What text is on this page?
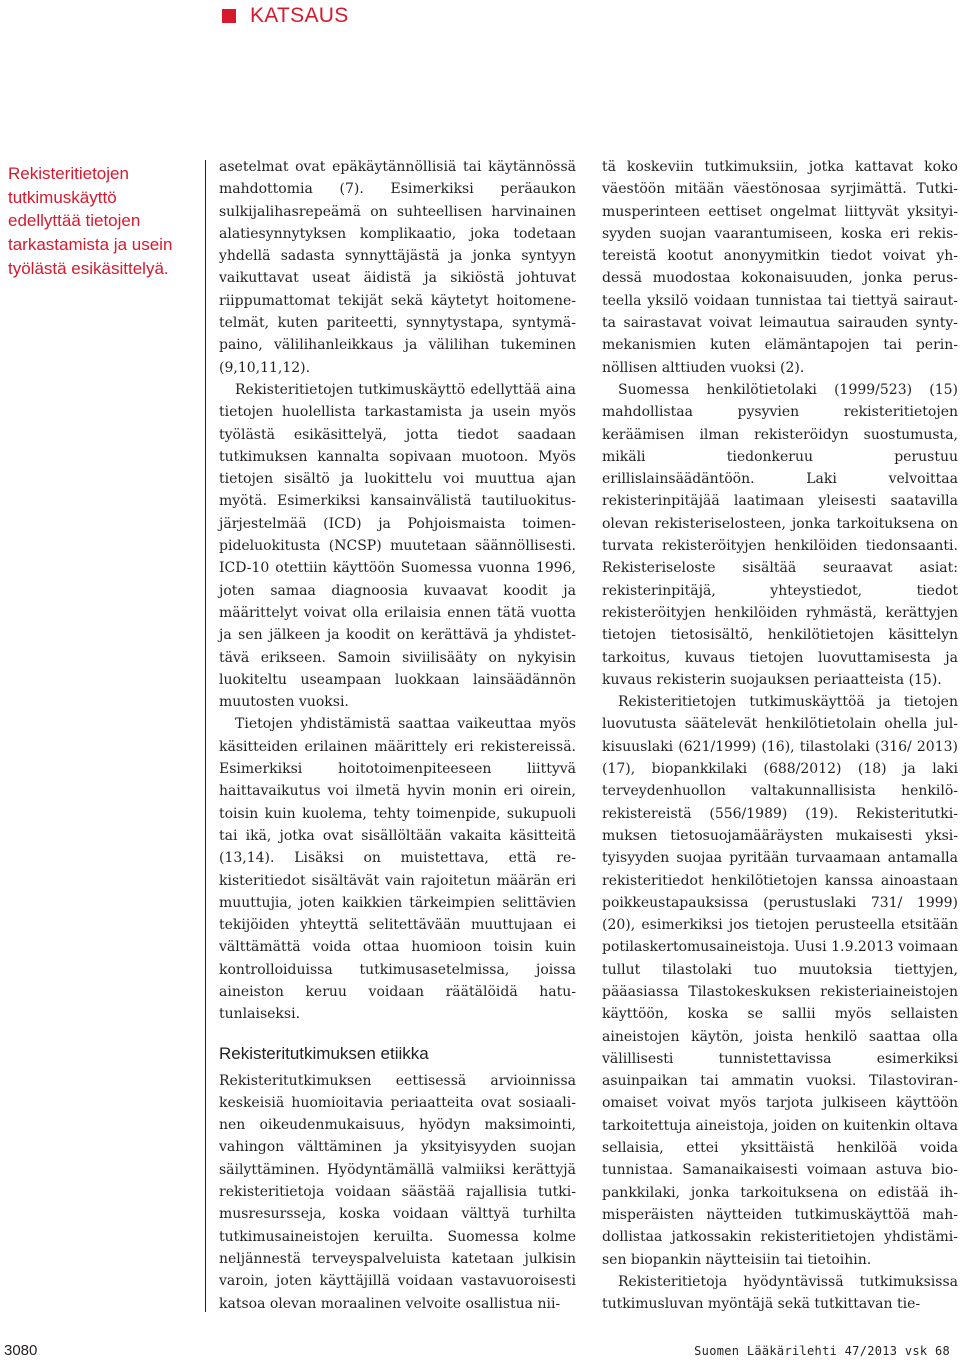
KATSAUS

Rekisteritietojen tutkimuskäyttö edellyttää tietojen tarkastamista ja usein työlästä esikäsittelyä.

asetelmat ovat epäkäytännöllisiä tai käytännössä mahdottomia (7). Esimerkiksi peräaukon sulkijalihasrepeämä on suhteellisen harvinainen alatiesynnytyksen komplikaatio, joka todetaan yhdellä sadasta synnyttäjästä ja jonka syntyyn vaikuttavat useat äidistä ja sikiöstä johtuvat riippumattomat tekijät sekä käytetyt hoitomenetelmät, kuten pariteetti, synnytystapa, syntymäpaino, välilihanleikkaus ja välilihan tukeminen (9,10,11,12).

Rekisteritietojen tutkimuskäyttö edellyttää aina tietojen huolellista tarkastamista ja usein myös työlästä esikäsittelyä, jotta tiedot saadaan tutkimuksen kannalta sopivaan muotoon. Myös tietojen sisältö ja luokittelu voi muuttua ajan myötä. Esimerkiksi kansainvälistä tautiluokitusjärjestelmää (ICD) ja Pohjoismaista toimenpideluokitusta (NCSP) muutetaan säännöllisesti. ICD-10 otettiin käyttöön Suomessa vuonna 1996, joten samaa diagnoosia kuvaavat koodit ja määrittelyt voivat olla erilaisia ennen tätä vuotta ja sen jälkeen ja koodit on kerättävä ja yhdistettävä erikseen. Samoin siviilisääty on nykyisin luokiteltu useampaan luokkaan lainsäädännön muutosten vuoksi.

Tietojen yhdistämistä saattaa vaikeuttaa myös käsitteiden erilainen määrittely eri rekistereissä. Esimerkiksi hoitotoimenpiteeseen liittyvä haittavaikutus voi ilmetä hyvin monin eri oirein, toisin kuin kuolema, tehty toimenpide, sukupuoli tai ikä, jotka ovat sisällöltään vakaita käsitteitä (13,14). Lisäksi on muistettava, että rekisteritiedot sisältävät vain rajoitetun määrän eri muuttujia, joten kaikkien tärkeimpien selittävien tekijöiden yhteyttä selitettävään muuttujaan ei välttämättä voida ottaa huomioon toisin kuin kontrolloiduissa tutkimusasetelmissa, joissa aineiston keruu voidaan räätälöidä hatutunlaiseksi.

Rekisteritutkimuksen etiikka

Rekisteritutkimuksen eettisessä arvioinnissa keskeisiä huomioitavia periaatteita ovat sosiaalinen oikeudenmukaisuus, hyödyn maksimointi, vahingon välttäminen ja yksityisyyden suojan säilyttäminen. Hyödyntämällä valmiiksi kerättyjä rekisteritietoja voidaan säästää rajallisia tutkimusresursseja, koska voidaan välttyä turhilta tutkimusaineistojen keruilta. Suomessa kolme neljännestä terveyspalveluista katetaan julkisin varoin, joten käyttäjillä voidaan vastavuoroisesti katsoa olevan moraalinen velvoite osallistua nii-

tä koskeviin tutkimuksiin, jotka kattavat koko väestöön mitään väestönosaa syrjimättä. Tutkimusperinteen eettiset ongelmat liittyvät yksityisyyden suojan vaarantumiseen, koska eri rekistereistä kootut anonyymitkin tiedot voivat yhdessä muodostaa kokonaisuuden, jonka perusteella yksilö voidaan tunnistaa tai tiettyä sairautta sairastavat voivat leimautua sairauden syntymekanismien kuten elämäntapojen tai perinnöllisen alttiuden vuoksi (2).

Suomessa henkilötietolaki (1999/523) (15) mahdollistaa pysyvien rekisteritietojen keräämisen ilman rekisteröidyn suostumusta, mikäli tiedonkeruu perustuu erillislainsäädäntöön. Laki velvoittaa rekisterinpitäjää laatimaan yleisesti saatavilla olevan rekisteriselosteen, jonka tarkoituksena on turvata rekisteröityjen henkilöiden tiedonsaanti. Rekisteriseloste sisältää seuraavat asiat: rekisterinpitäjä, yhteystiedot, tiedot rekisteröityjen henkilöiden ryhmästä, kerättyjen tietojen tietosisältö, henkilötietojen käsittelyn tarkoitus, kuvaus tietojen luovuttamisesta ja kuvaus rekisterin suojauksen periaatteista (15).

Rekisteritietojen tutkimuskäyttöä ja tietojen luovutusta säätelevät henkilötietolain ohella julkisuuslaki (621/1999) (16), tilastolaki (316/ 2013) (17), biopankkilaki (688/2012) (18) ja laki terveydenhuollon valtakunnallisista henkilörekistereistä (556/1989) (19). Rekisteritutkimuksen tietosuojamääräysten mukaisesti yksityisyyden suojaa pyritään turvaamaan antamalla rekisteritiedot henkilötietojen kanssa ainoastaan poikkeustapauksissa (perustuslaki 731/ 1999) (20), esimerkiksi jos tietojen perusteella etsitään potilaskertomusaineistoja. Uusi 1.9.2013 voimaan tullut tilastolaki tuo muutoksia tiettyjen, pääasiassa Tilastokeskuksen rekisteriaineistojen käyttöön, koska se sallii myös sellaisten aineistojen käytön, joista henkilö saattaa olla välillisesti tunnistettavissa esimerkiksi asuinpaikan tai ammatin vuoksi. Tilastoviranomaiset voivat myös tarjota julkiseen käyttöön tarkoitettuja aineistoja, joiden on kuitenkin oltava sellaisia, ettei yksittäistä henkilöä voida tunnistaa. Samanaikaisesti voimaan astuva biopankkilaki, jonka tarkoituksena on edistää ihmisperäisten näytteiden tutkimuskäyttöä mahdollistaa jatkossakin rekisteritietojen yhdistämisen biopankin näytteisiin tai tietoihin.

Rekisteritietoja hyödyntävissä tutkimuksissa tutkimusluvan myöntäjä sekä tutkittavan tie-

3080	Suomen Lääkärilehti 47/2013 vsk 68
